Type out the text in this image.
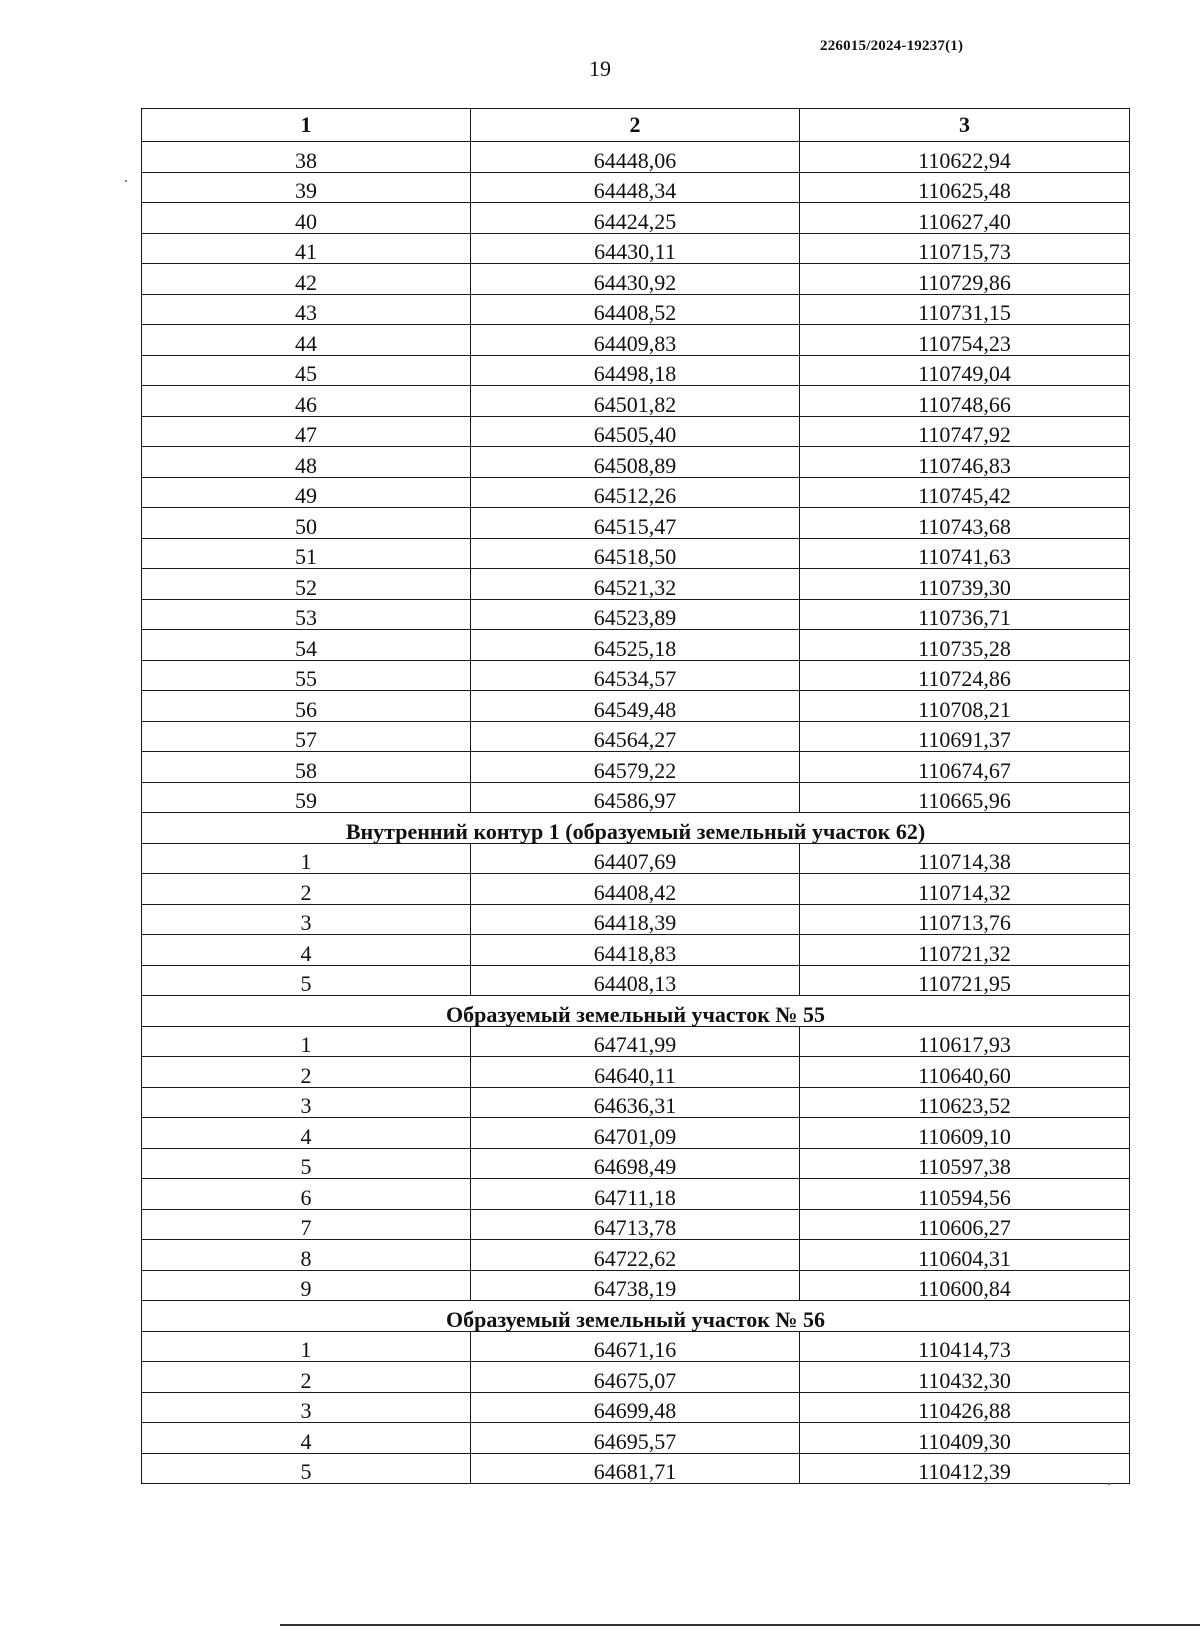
226015/2024-19237(1)
19
1	2	3
38	64448,06	110622,94
39	64448,34	110625,48
40	64424,25	110627,40
41	64430,11	110715,73
42	64430,92	110729,86
43	64408,52	110731,15
44	64409,83	110754,23
45	64498,18	110749,04
46	64501,82	110748,66
47	64505,40	110747,92
48	64508,89	110746,83
49	64512,26	110745,42
50	64515,47	110743,68
51	64518,50	110741,63
52	64521,32	110739,30
53	64523,89	110736,71
54	64525,18	110735,28
55	64534,57	110724,86
56	64549,48	110708,21
57	64564,27	110691,37
58	64579,22	110674,67
59	64586,97	110665,96
Внутренний контур 1 (образуемый земельный участок 62)		
1	64407,69	110714,38
2	64408,42	110714,32
3	64418,39	110713,76
4	64418,83	110721,32
5	64408,13	110721,95
Образуемый земельный участок № 55		
1	64741,99	110617,93
2	64640,11	110640,60
3	64636,31	110623,52
4	64701,09	110609,10
5	64698,49	110597,38
6	64711,18	110594,56
7	64713,78	110606,27
8	64722,62	110604,31
9	64738,19	110600,84
Образуемый земельный участок № 56		
1	64671,16	110414,73
2	64675,07	110432,30
3	64699,48	110426,88
4	64695,57	110409,30
5	64681,71	110412,39
